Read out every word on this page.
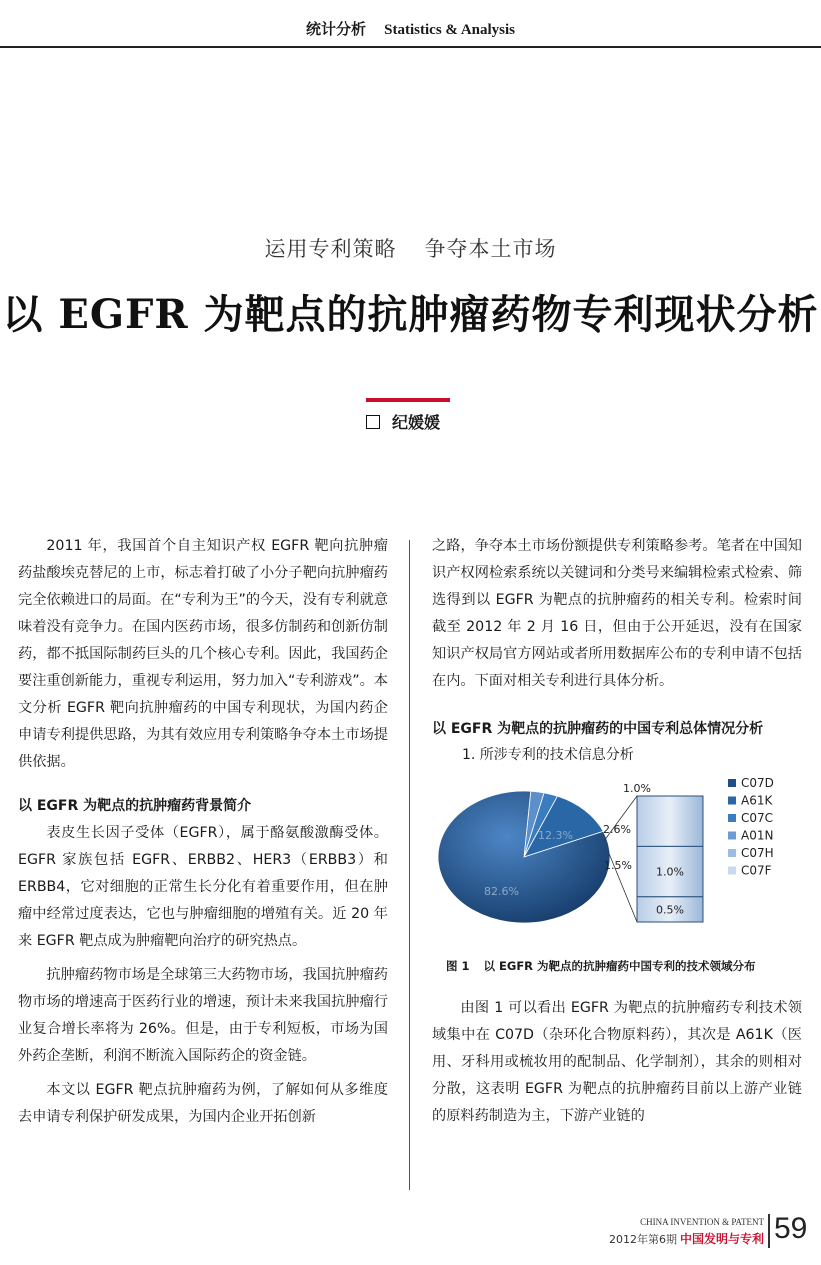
统计分析 Statistics & Analysis
运用专利策略 争夺本土市场
以 EGFR 为靶点的抗肿瘤药物专利现状分析
纪媛媛

2011 年，我国首个自主知识产权 EGFR 靶向抗肿瘤药盐酸埃克替尼的上市，标志着打破了小分子靶向抗肿瘤药完全依赖进口的局面。在“专利为王”的今天，没有专利就意味着没有竞争力。在国内医药市场，很多仿制药和创新仿制药，都不抵国际制药巨头的几个核心专利。因此，我国药企要注重创新能力，重视专利运用，努力加入“专利游戏”。本文分析 EGFR 靶向抗肿瘤药的中国专利现状，为国内药企申请专利提供思路，为其有效应用专利策略争夺本土市场提供依据。

以 EGFR 为靶点的抗肿瘤药背景简介

表皮生长因子受体（EGFR），属于酪氨酸激酶受体。EGFR 家族包括 EGFR、ERBB2、HER3（ERBB3）和 ERBB4，它对细胞的正常生长分化有着重要作用，但在肿瘤中经常过度表达，它也与肿瘤细胞的增殖有关。近 20 年来 EGFR 靶点成为肿瘤靶向治疗的研究热点。

抗肿瘤药物市场是全球第三大药物市场，我国抗肿瘤药物市场的增速高于医药行业的增速，预计未来我国抗肿瘤行业复合增长率将为 26%。但是，由于专利短板，市场为国外药企垄断，利润不断流入国际药企的资金链。

本文以 EGFR 靶点抗肿瘤药为例，了解如何从多维度去申请专利保护研发成果，为国内企业开拓创新

之路，争夺本土市场份额提供专利策略参考。笔者在中国知识产权网检索系统以关键词和分类号来编辑检索式检索、筛选得到以 EGFR 为靶点的抗肿瘤药的相关专利。检索时间截至 2012 年 2 月 16 日，但由于公开延迟，没有在国家知识产权局官方网站或者所用数据库公布的专利申请不包括在内。下面对相关专利进行具体分析。

以 EGFR 为靶点的抗肿瘤药的中国专利总体情况分析
1. 所涉专利的技术信息分析
1.5%
2.6%
12.3%
82.6%
1.0%
1.0%
0.5%
C07D
A61K
C07C
A01N
C07H
C07F
图 1 以 EGFR 为靶点的抗肿瘤药中国专利的技术领域分布

由图 1 可以看出 EGFR 为靶点的抗肿瘤药专利技术领域集中在 C07D（杂环化合物原料药），其次是 A61K（医用、牙科用或梳妆用的配制品、化学制剂），其余的则相对分散，这表明 EGFR 为靶点的抗肿瘤药目前以上游产业链的原料药制造为主，下游产业链的

CHINA INVENTION & PATENT
2012年第6期 中国发明与专利 59
